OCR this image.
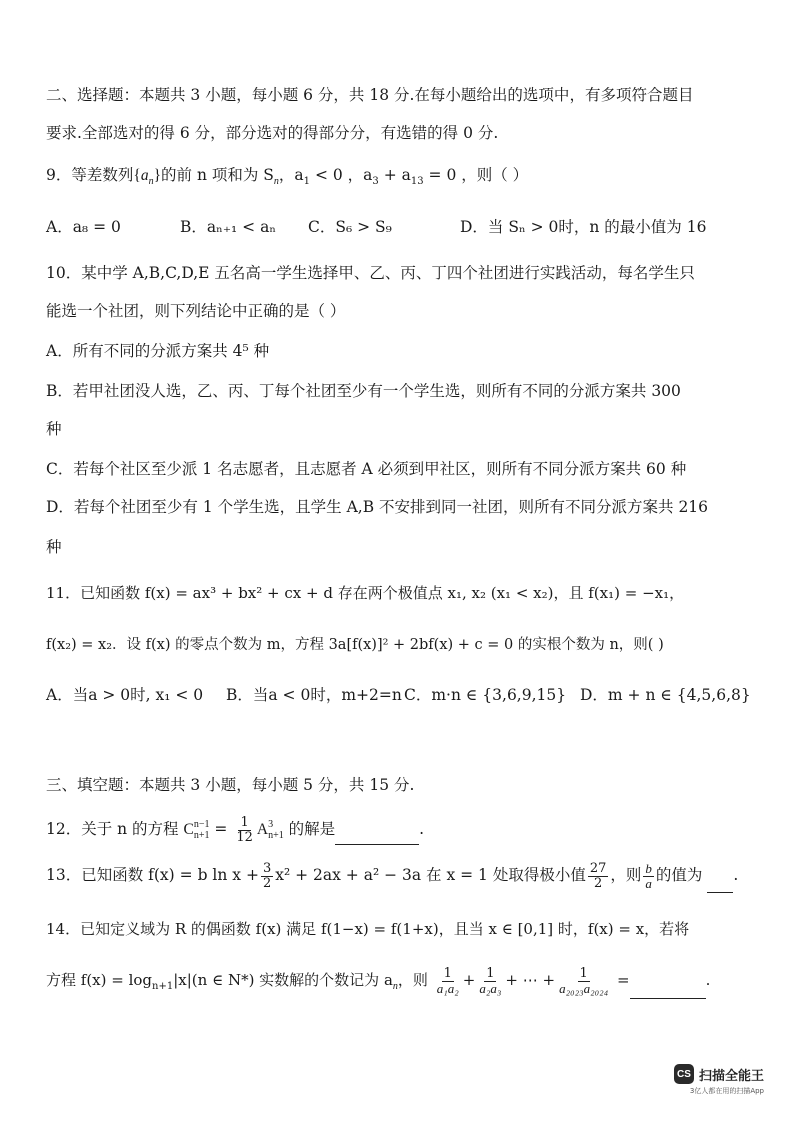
二、选择题：本题共 3 小题，每小题 6 分，共 18 分.在每小题给出的选项中，有多项符合题目
要求.全部选对的得 6 分，部分选对的得部分分，有选错的得 0 分.
9．等差数列$\{a_n\}$的前 n 项和为 $S_n$，$a_1 < 0$ ，$a_3 + a_{13} = 0$ ，则（ ）
A．a₈ = 0	B．aₙ₊₁ < aₙ C．S₆ > S₉	D．当 Sₙ > 0时，n 的最小值为 16
10．某中学 A,B,C,D,E 五名高一学生选择甲、乙、丙、丁四个社团进行实践活动，每名学生只
能选一个社团，则下列结论中正确的是（ ）
A．所有不同的分派方案共 4⁵ 种
B．若甲社团没人选，乙、丙、丁每个社团至少有一个学生选，则所有不同的分派方案共 300
种
C．若每个社区至少派 1 名志愿者，且志愿者 A 必须到甲社区，则所有不同分派方案共 60 种
D．若每个社团至少有 1 个学生选，且学生 A,B 不安排到同一社团，则所有不同分派方案共 216
种
11．已知函数 f(x) = ax³ + bx² + cx + d 存在两个极值点 x₁, x₂ (x₁ < x₂)，且 f(x₁) = −x₁，
f(x₂) = x₂．设 f(x) 的零点个数为 m，方程 3a[f(x)]² + 2bf(x) + c = 0 的实根个数为 n，则( )
A．当a > 0时, x₁ < 0 B．当a < 0时，m+2=n C．m·n ∈ {3,6,9,15} D．m + n ∈ {4,5,6,8}
三、填空题：本题共 3 小题，每小题 5 分，共 15 分.
12．关于 n 的方程 C n−1
$n+1 = \frac{1}{12}$ A 3
n+1 的解是	.
13．已知函数 f(x) = b $\ln x + \frac{3}{2} x^2 + 2ax + a^2 - 3a$ 在 x = 1 处取得极小值 $\frac{27}{2}$ ，则 $\frac{b}{a}$ 的值为 .
14．已知定义域为 R 的偶函数 f(x) 满足 f(1−x) = f(1+x)，且当 x ∈ [0,1] 时，f(x) = x，若将
方程 $f(x) = \log_{n+1}|x|(n$ ∈ N*) 实数解的个数记为 $a_n$，则 $\frac{1}{\text{a₁a₂}} + \frac{1}{\text{a₂a₃}}$ + ⋯ + $\frac{1}{\text{a₂₀₂₃a₂₀₂₄}}$ =	.
CS 扫描全能王
3亿人都在用的扫描App
